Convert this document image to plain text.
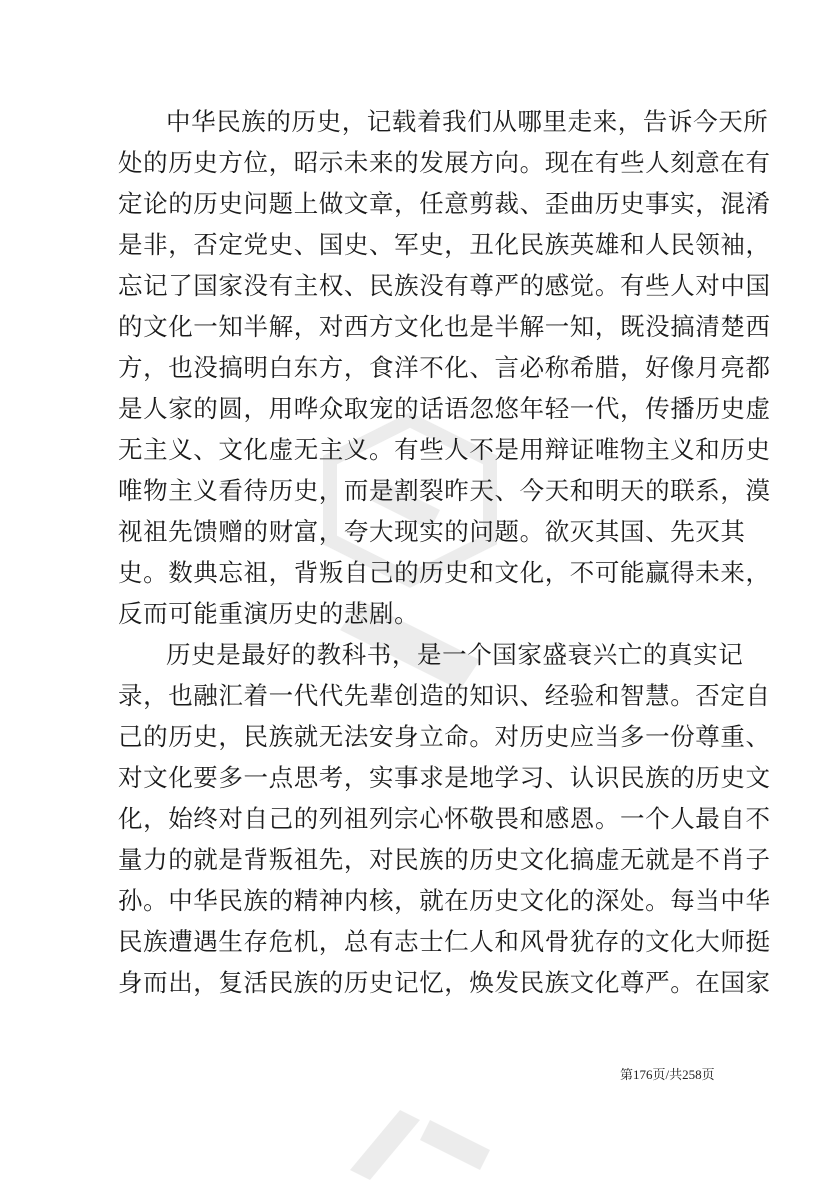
中华民族的历史，记载着我们从哪里走来，告诉今天所
处的历史方位，昭示未来的发展方向。现在有些人刻意在有
定论的历史问题上做文章，任意剪裁、歪曲历史事实，混淆
是非，否定党史、国史、军史，丑化民族英雄和人民领袖，
忘记了国家没有主权、民族没有尊严的感觉。有些人对中国
的文化一知半解，对西方文化也是半解一知，既没搞清楚西
方，也没搞明白东方，食洋不化、言必称希腊，好像月亮都
是人家的圆，用哗众取宠的话语忽悠年轻一代，传播历史虚
无主义、文化虚无主义。有些人不是用辩证唯物主义和历史
唯物主义看待历史，而是割裂昨天、今天和明天的联系，漠
视祖先馈赠的财富，夸大现实的问题。欲灭其国、先灭其
史。数典忘祖，背叛自己的历史和文化，不可能赢得未来，
反而可能重演历史的悲剧。
历史是最好的教科书，是一个国家盛衰兴亡的真实记
录，也融汇着一代代先辈创造的知识、经验和智慧。否定自
己的历史，民族就无法安身立命。对历史应当多一份尊重、
对文化要多一点思考，实事求是地学习、认识民族的历史文
化，始终对自己的列祖列宗心怀敬畏和感恩。一个人最自不
量力的就是背叛祖先，对民族的历史文化搞虚无就是不肖子
孙。中华民族的精神内核，就在历史文化的深处。每当中华
民族遭遇生存危机，总有志士仁人和风骨犹存的文化大师挺
身而出，复活民族的历史记忆，焕发民族文化尊严。在国家
第176页/共258页
